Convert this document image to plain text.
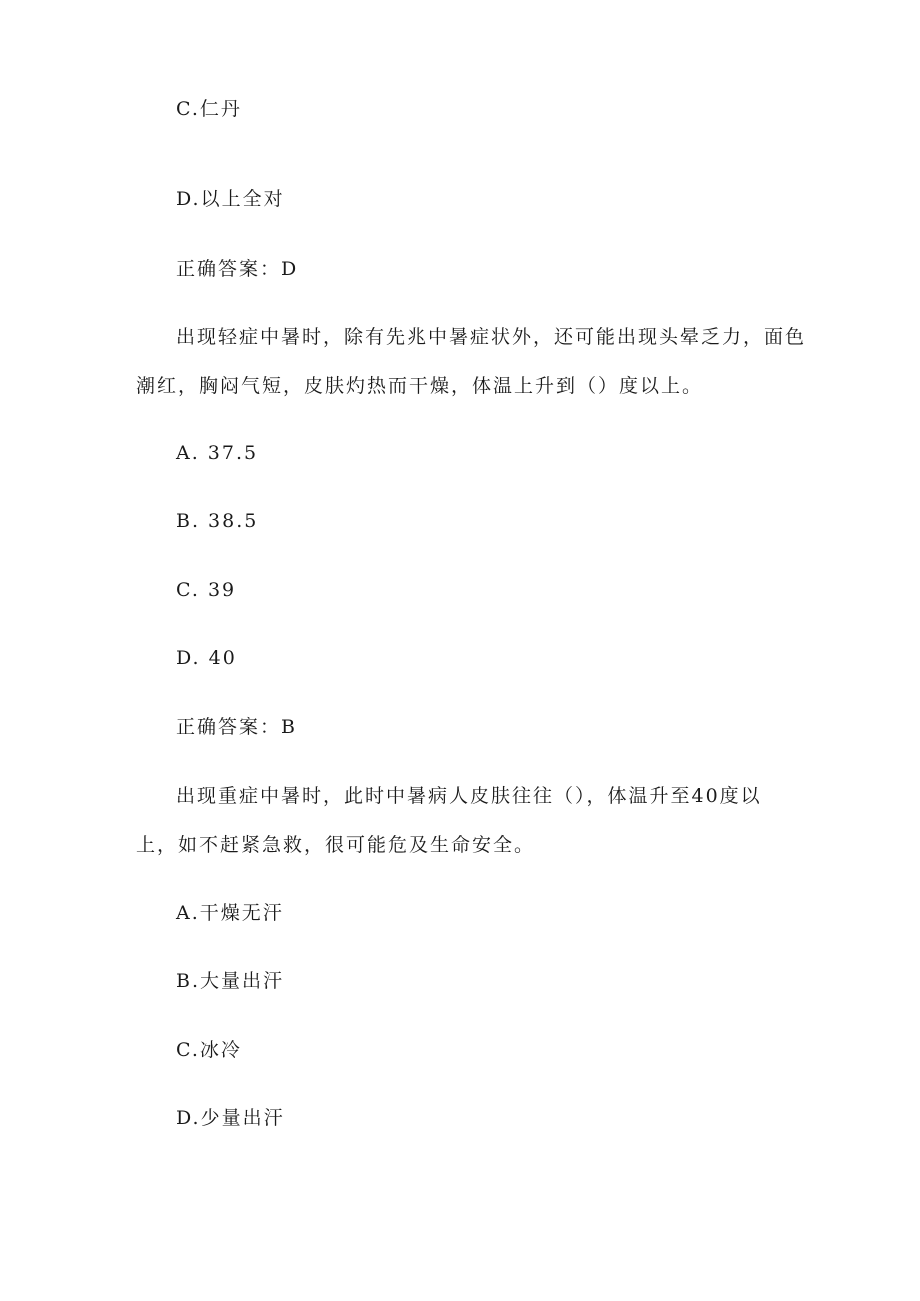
C.仁丹
D.以上全对
正确答案：D
出现轻症中暑时，除有先兆中暑症状外，还可能出现头晕乏力，面色
潮红，胸闷气短，皮肤灼热而干燥，体温上升到（）度以上。
A. 37.5
B. 38.5
C. 39
D. 40
正确答案：B
出现重症中暑时，此时中暑病人皮肤往往（），体温升至40度以
上，如不赶紧急救，很可能危及生命安全。
A.干燥无汗
B.大量出汗
C.冰冷
D.少量出汗
